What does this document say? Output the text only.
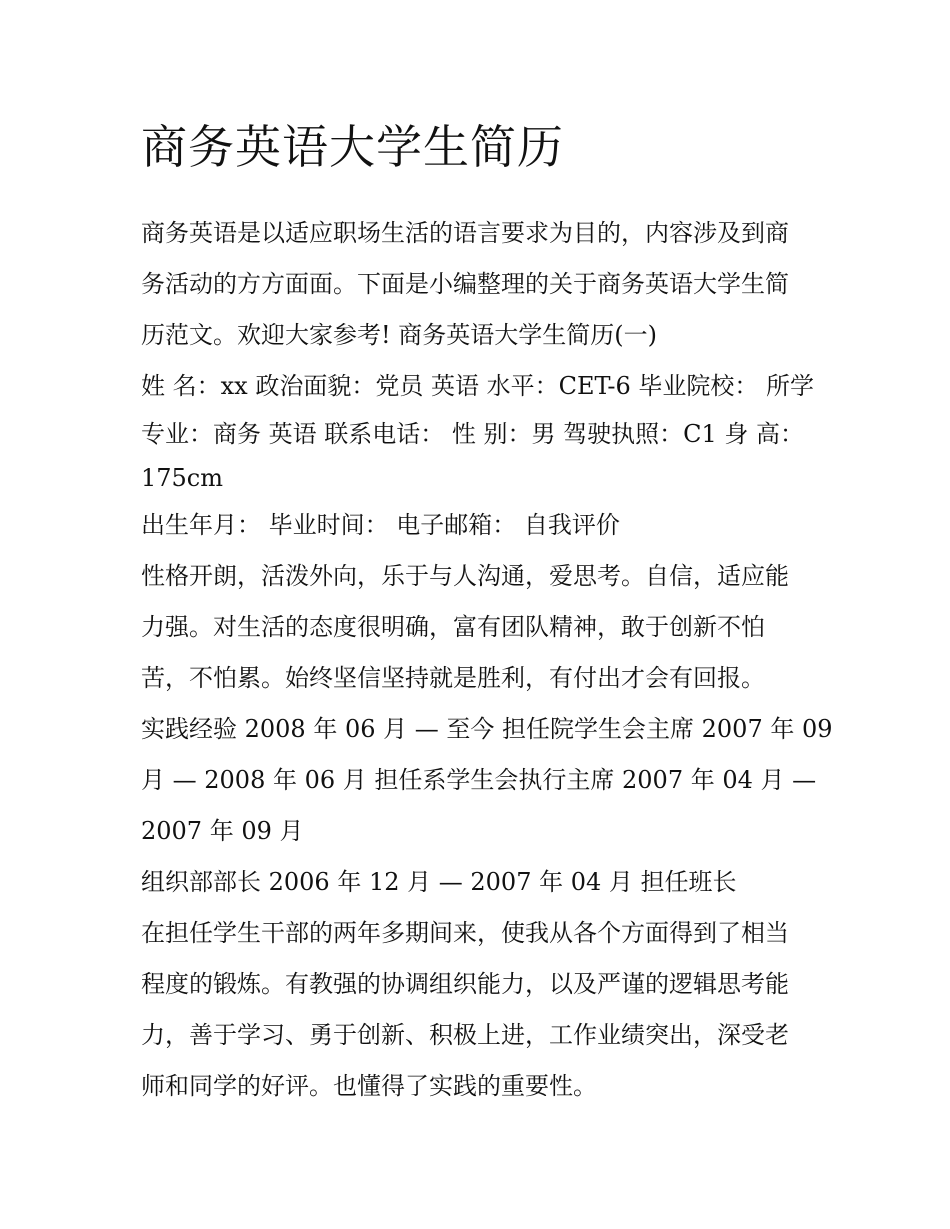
商务英语大学生简历

商务英语是以适应职场生活的语言要求为目的，内容涉及到商
务活动的方方面面。下面是小编整理的关于商务英语大学生简
历范文。欢迎大家参考! 商务英语大学生简历(一)

姓 名：xx 政治面貌：党员 英语 水平：CET-6 毕业院校： 所学
专业：商务 英语 联系电话： 性 别：男 驾驶执照：C1 身 高：
175cm

出生年月： 毕业时间： 电子邮箱： 自我评价

性格开朗，活泼外向，乐于与人沟通，爱思考。自信，适应能
力强。对生活的态度很明确，富有团队精神，敢于创新不怕
苦，不怕累。始终坚信坚持就是胜利，有付出才会有回报。

实践经验 2008 年 06 月 — 至今 担任院学生会主席 2007 年 09
月 — 2008 年 06 月 担任系学生会执行主席 2007 年 04 月 —
2007 年 09 月

组织部部长 2006 年 12 月 — 2007 年 04 月 担任班长

在担任学生干部的两年多期间来，使我从各个方面得到了相当
程度的锻炼。有教强的协调组织能力，以及严谨的逻辑思考能
力，善于学习、勇于创新、积极上进，工作业绩突出，深受老
师和同学的好评。也懂得了实践的重要性。
